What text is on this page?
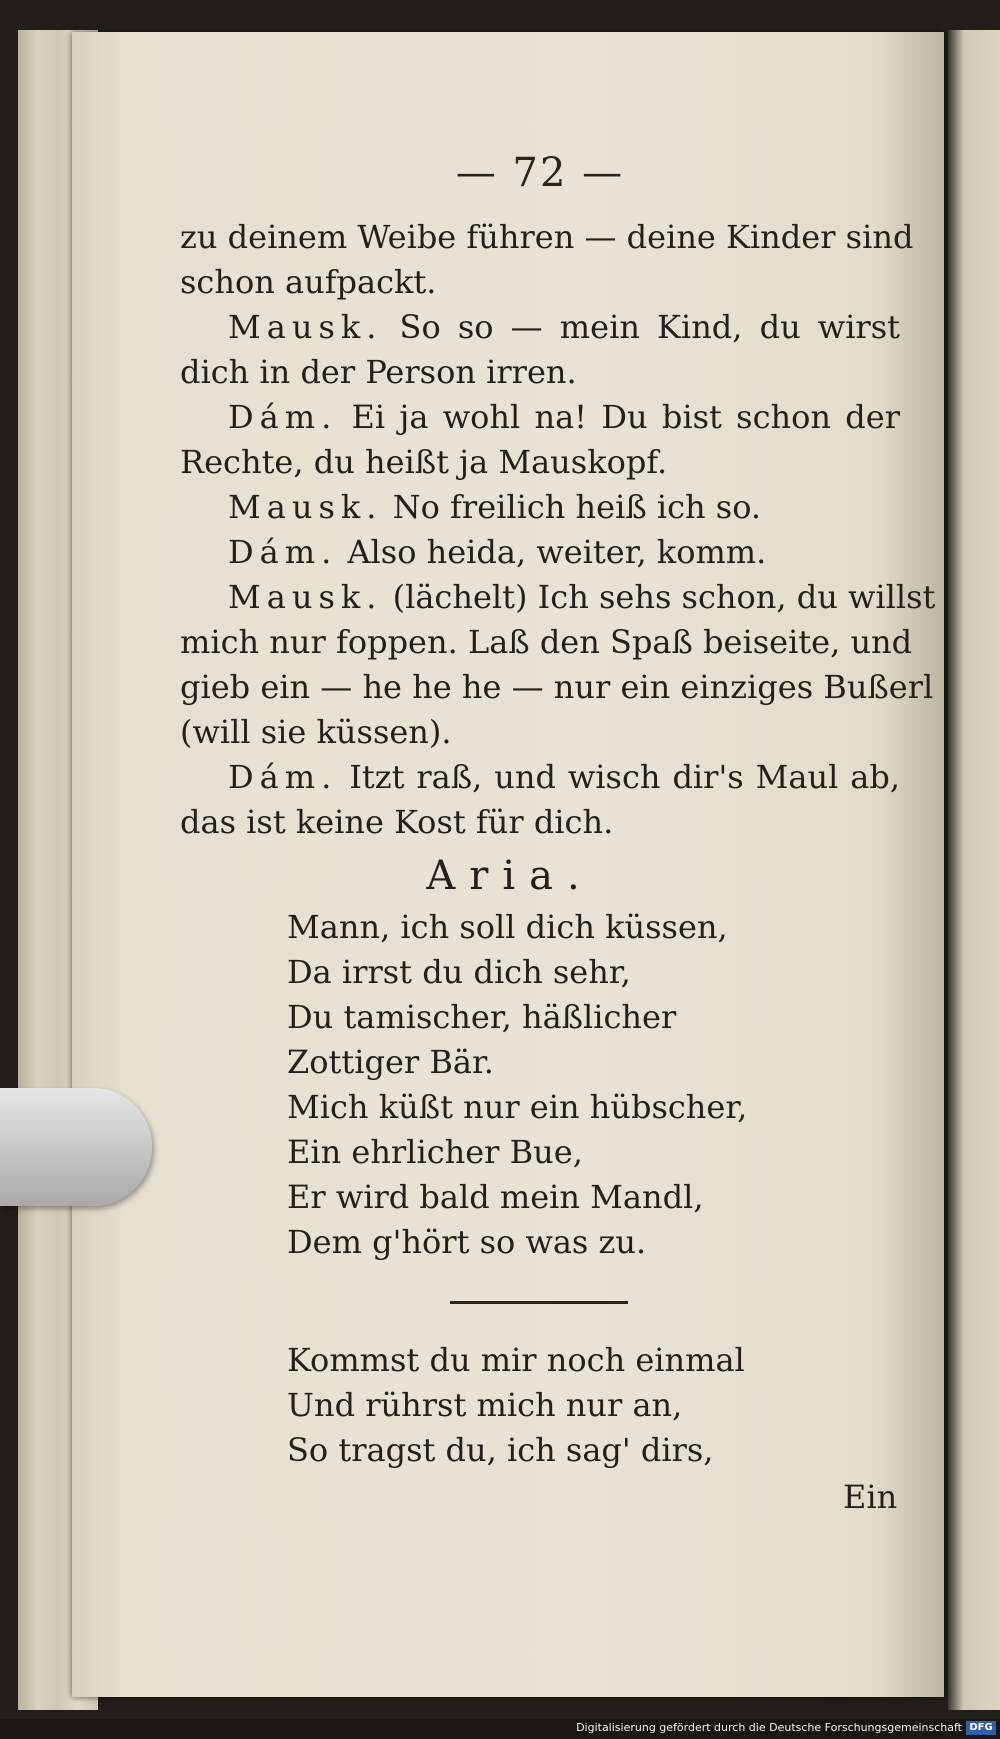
— 72 —
zu deinem Weibe führen — deine Kinder sind
schon aufpackt.
Mausk. So so — mein Kind, du wirst
dich in der Person irren.
Dám. Ei ja wohl na! Du bist schon der
Rechte, du heißt ja Mauskopf.
Mausk. No freilich heiß ich so.
Dám. Also heida, weiter, komm.
Mausk. (lächelt) Ich sehs schon, du willst
mich nur foppen. Laß den Spaß beiseite, und
gieb ein — he he he — nur ein einziges Bußerl
(will sie küssen).
Dám. Itzt raß, und wisch dir's Maul ab,
das ist keine Kost für dich.
Aria.
Mann, ich soll dich küssen,
Da irrst du dich sehr,
Du tamischer, häßlicher
Zottiger Bär.
Mich küßt nur ein hübscher,
Ein ehrlicher Bue,
Er wird bald mein Mandl,
Dem g'hört so was zu.
Kommst du mir noch einmal
Und rührst mich nur an,
So tragst du, ich sag' dirs,
Ein
Digitalisierung gefördert durch die Deutsche Forschungsgemeinschaft DFG
